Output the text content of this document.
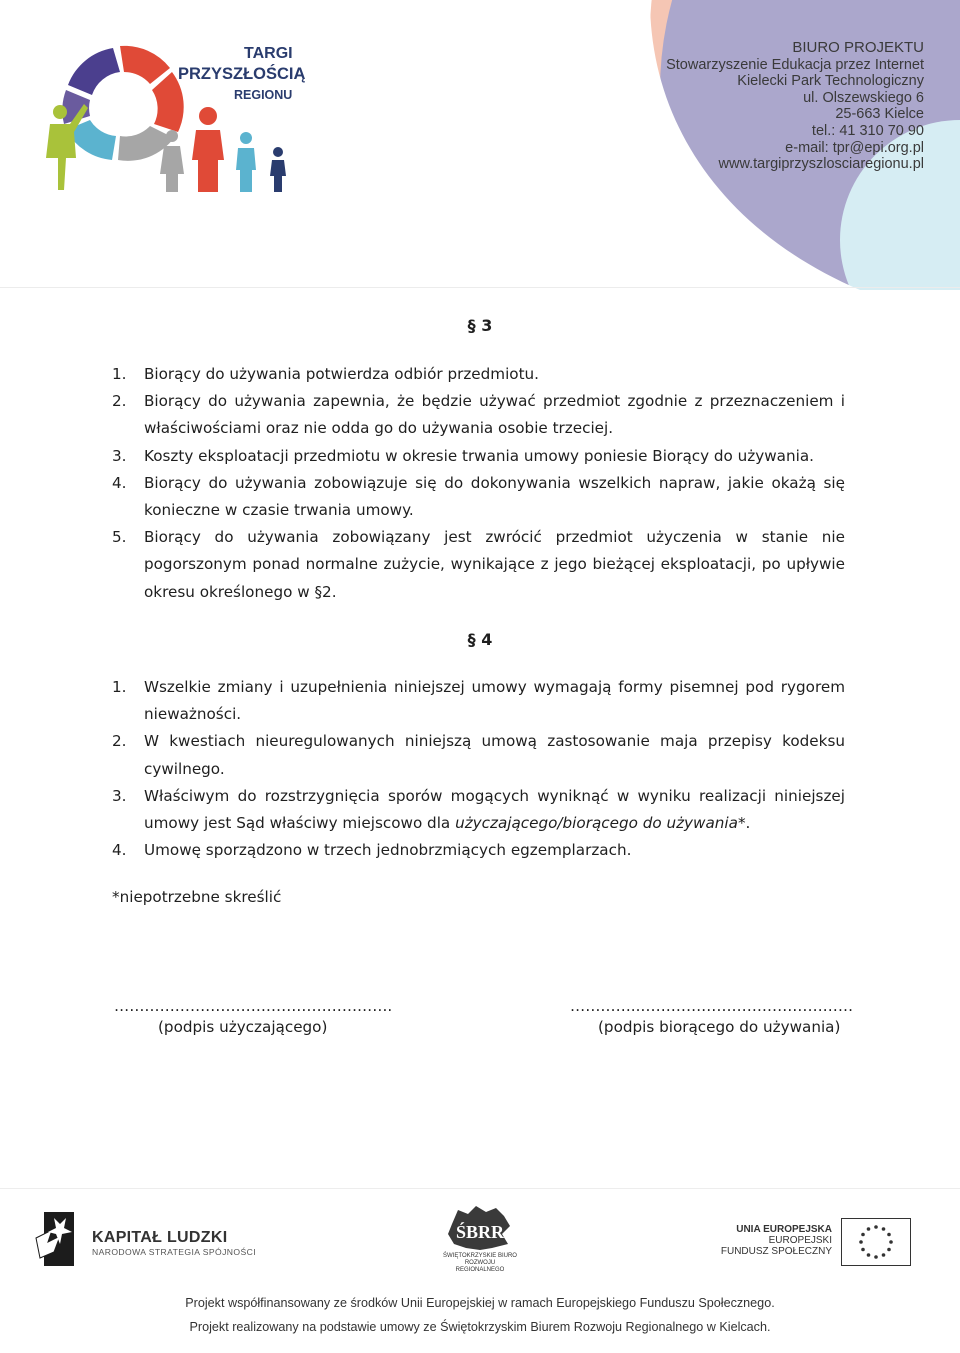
TARGI
PRZYSZŁOŚCIĄ
REGIONU
BIURO PROJEKTU
Stowarzyszenie Edukacja przez Internet
Kielecki Park Technologiczny
ul. Olszewskiego 6
25-663 Kielce
tel.: 41 310 70 90
e-mail: tpr@epi.org.pl
www.targiprzyszlosciaregionu.pl
§ 3
1. Biorący do używania potwierdza odbiór przedmiotu.
2. Biorący do używania zapewnia, że będzie używać przedmiot zgodnie z przeznaczeniem i właściwościami oraz nie odda go do używania osobie trzeciej.
3. Koszty eksploatacji przedmiotu w okresie trwania umowy poniesie Biorący do używania.
4. Biorący do używania zobowiązuje się do dokonywania wszelkich napraw, jakie okażą się konieczne w czasie trwania umowy.
5. Biorący do używania zobowiązany jest zwrócić przedmiot użyczenia w stanie nie pogorszonym ponad normalne zużycie, wynikające z jego bieżącej eksploatacji, po upływie okresu określonego w §2.
§ 4
1. Wszelkie zmiany i uzupełnienia niniejszej umowy wymagają formy pisemnej pod rygorem nieważności.
2. W kwestiach nieuregulowanych niniejszą umową zastosowanie maja przepisy kodeksu cywilnego.
3. Właściwym do rozstrzygnięcia sporów mogących wyniknąć w wyniku realizacji niniejszej umowy jest Sąd właściwy miejscowo dla użyczającego/biorącego do używania*.
4. Umowę sporządzono w trzech jednobrzmiących egzemplarzach.
*niepotrzebne skreślić
……………………………………………….
(podpis użyczającego)
…………..……………………………………
(podpis biorącego do używania)
KAPITAŁ LUDZKI
NARODOWA STRATEGIA SPÓJNOŚCI
ŚBRR
ŚWIĘTOKRZYSKIE BIURO
ROZWOJU REGIONALNEGO
UNIA EUROPEJSKA
EUROPEJSKI
FUNDUSZ SPOŁECZNY
Projekt współfinansowany ze środków Unii Europejskiej w ramach Europejskiego Funduszu Społecznego.
Projekt realizowany na podstawie umowy ze Świętokrzyskim Biurem Rozwoju Regionalnego w Kielcach.
